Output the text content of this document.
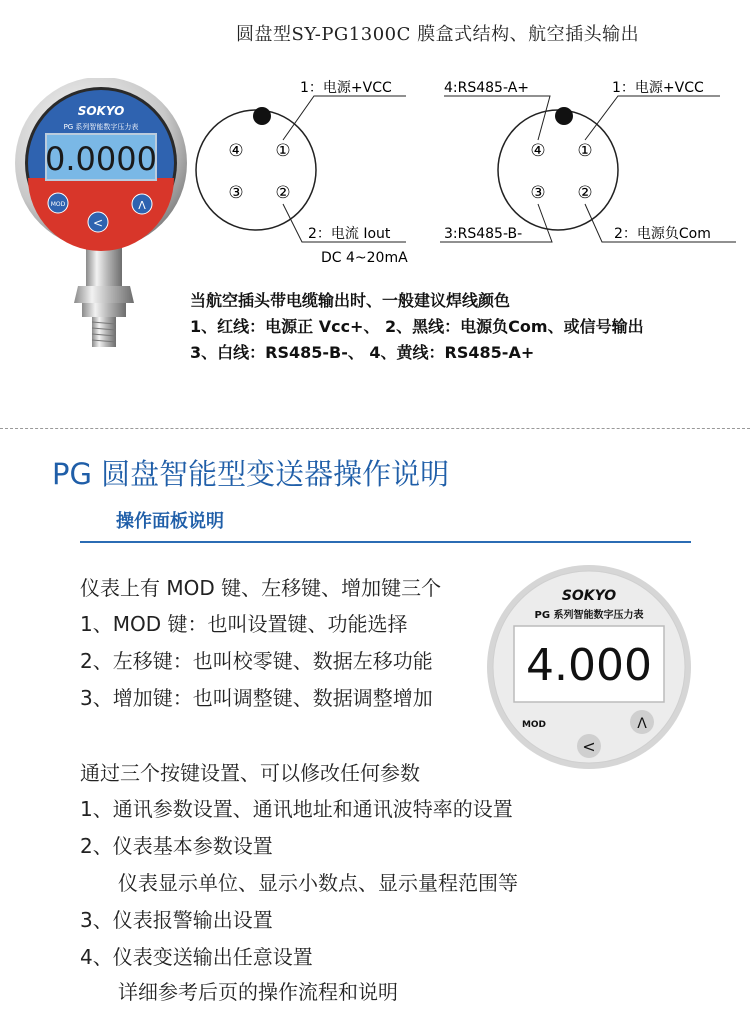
圆盘型SY-PG1300C 膜盒式结构、航空插头输出
SOKYO
PG 系列智能数字压力表
0.0000
MOD
<
Λ
④ ①
③ ②
1：电源+VCC
2：电流 Iout
DC 4~20mA
④ ①
③ ②
4:RS485-A+	1：电源+VCC
3:RS485-B-	2：电源负Com
当航空插头带电缆输出时、一般建议焊线颜色
1、红线：电源正 Vcc+、 2、黑线：电源负Com、或信号输出
3、白线：RS485-B-、 4、黄线：RS485-A+
PG 圆盘智能型变送器操作说明
操作面板说明
SOKYO
PG 系列智能数字压力表
4.000
MOD	Λ
<
仪表上有 MOD 键、左移键、增加键三个
1、MOD 键：也叫设置键、功能选择
2、左移键：也叫校零键、数据左移功能
3、增加键：也叫调整键、数据调整增加
通过三个按键设置、可以修改任何参数
1、通讯参数设置、通讯地址和通讯波特率的设置
2、仪表基本参数设置
仪表显示单位、显示小数点、显示量程范围等
3、仪表报警输出设置
4、仪表变送输出任意设置
详细参考后页的操作流程和说明
